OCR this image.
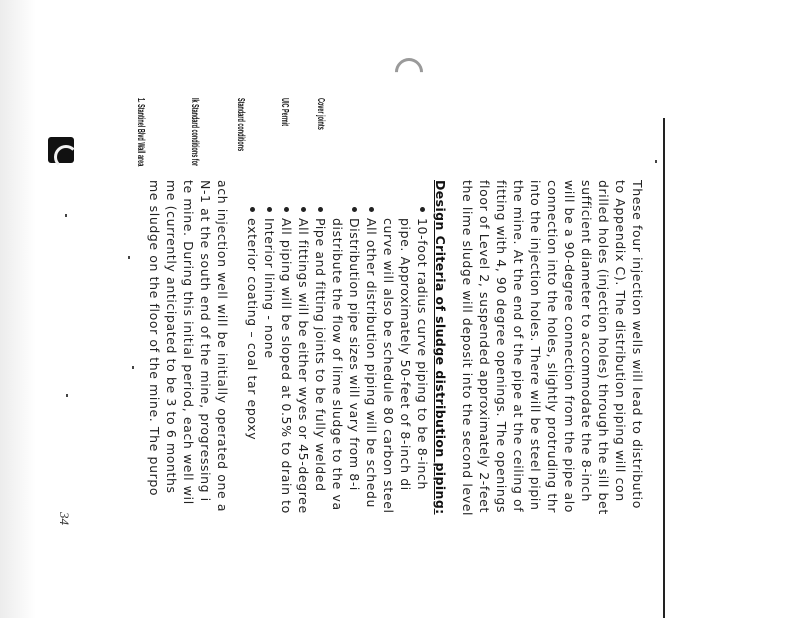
These four injection wells will lead to distributio

to Appendix C). The distribution piping will con

drilled holes (injection holes) through the sill bet

sufficient diameter to accommodate the 8-inch

will be a 90-degree connection from the pipe alo

connection into the holes, slightly protruding thr

into the injection holes. There will be steel pipin

the mine. At the end of the pipe at the ceiling of

fitting with 4, 90 degree openings. The openings

floor of Level 2, suspended approximately 2-feet

the lime sludge will deposit into the second level

Design Criteria of sludge distribution piping:

10-foot radius curve piping to be 8-inch

pipe. Approximately 50-feet of 8-inch di

curve will also be schedule 80 carbon steel

All other distribution piping will be schedu

Distribution pipe sizes will vary from 8-i

distribute the flow of lime sludge to the va

Pipe and fitting joints to be fully welded

All fittings will be either wyes or 45-degree

All piping will be sloped at 0.5% to drain to

Interior lining - none

exterior coating – coal tar epoxy

ach injection well will be initially operated one a

N-1 at the south end of the mine, progressing i

te mine. During this initial period, each well wil

me (currently anticipated to be 3 to 6 months

me sludge on the floor of the mine. The purpo

Cover joints

UIC Permit

Standard conditions

Ik Standard conditions for

1. Stantinel Blvd Wall area

34
